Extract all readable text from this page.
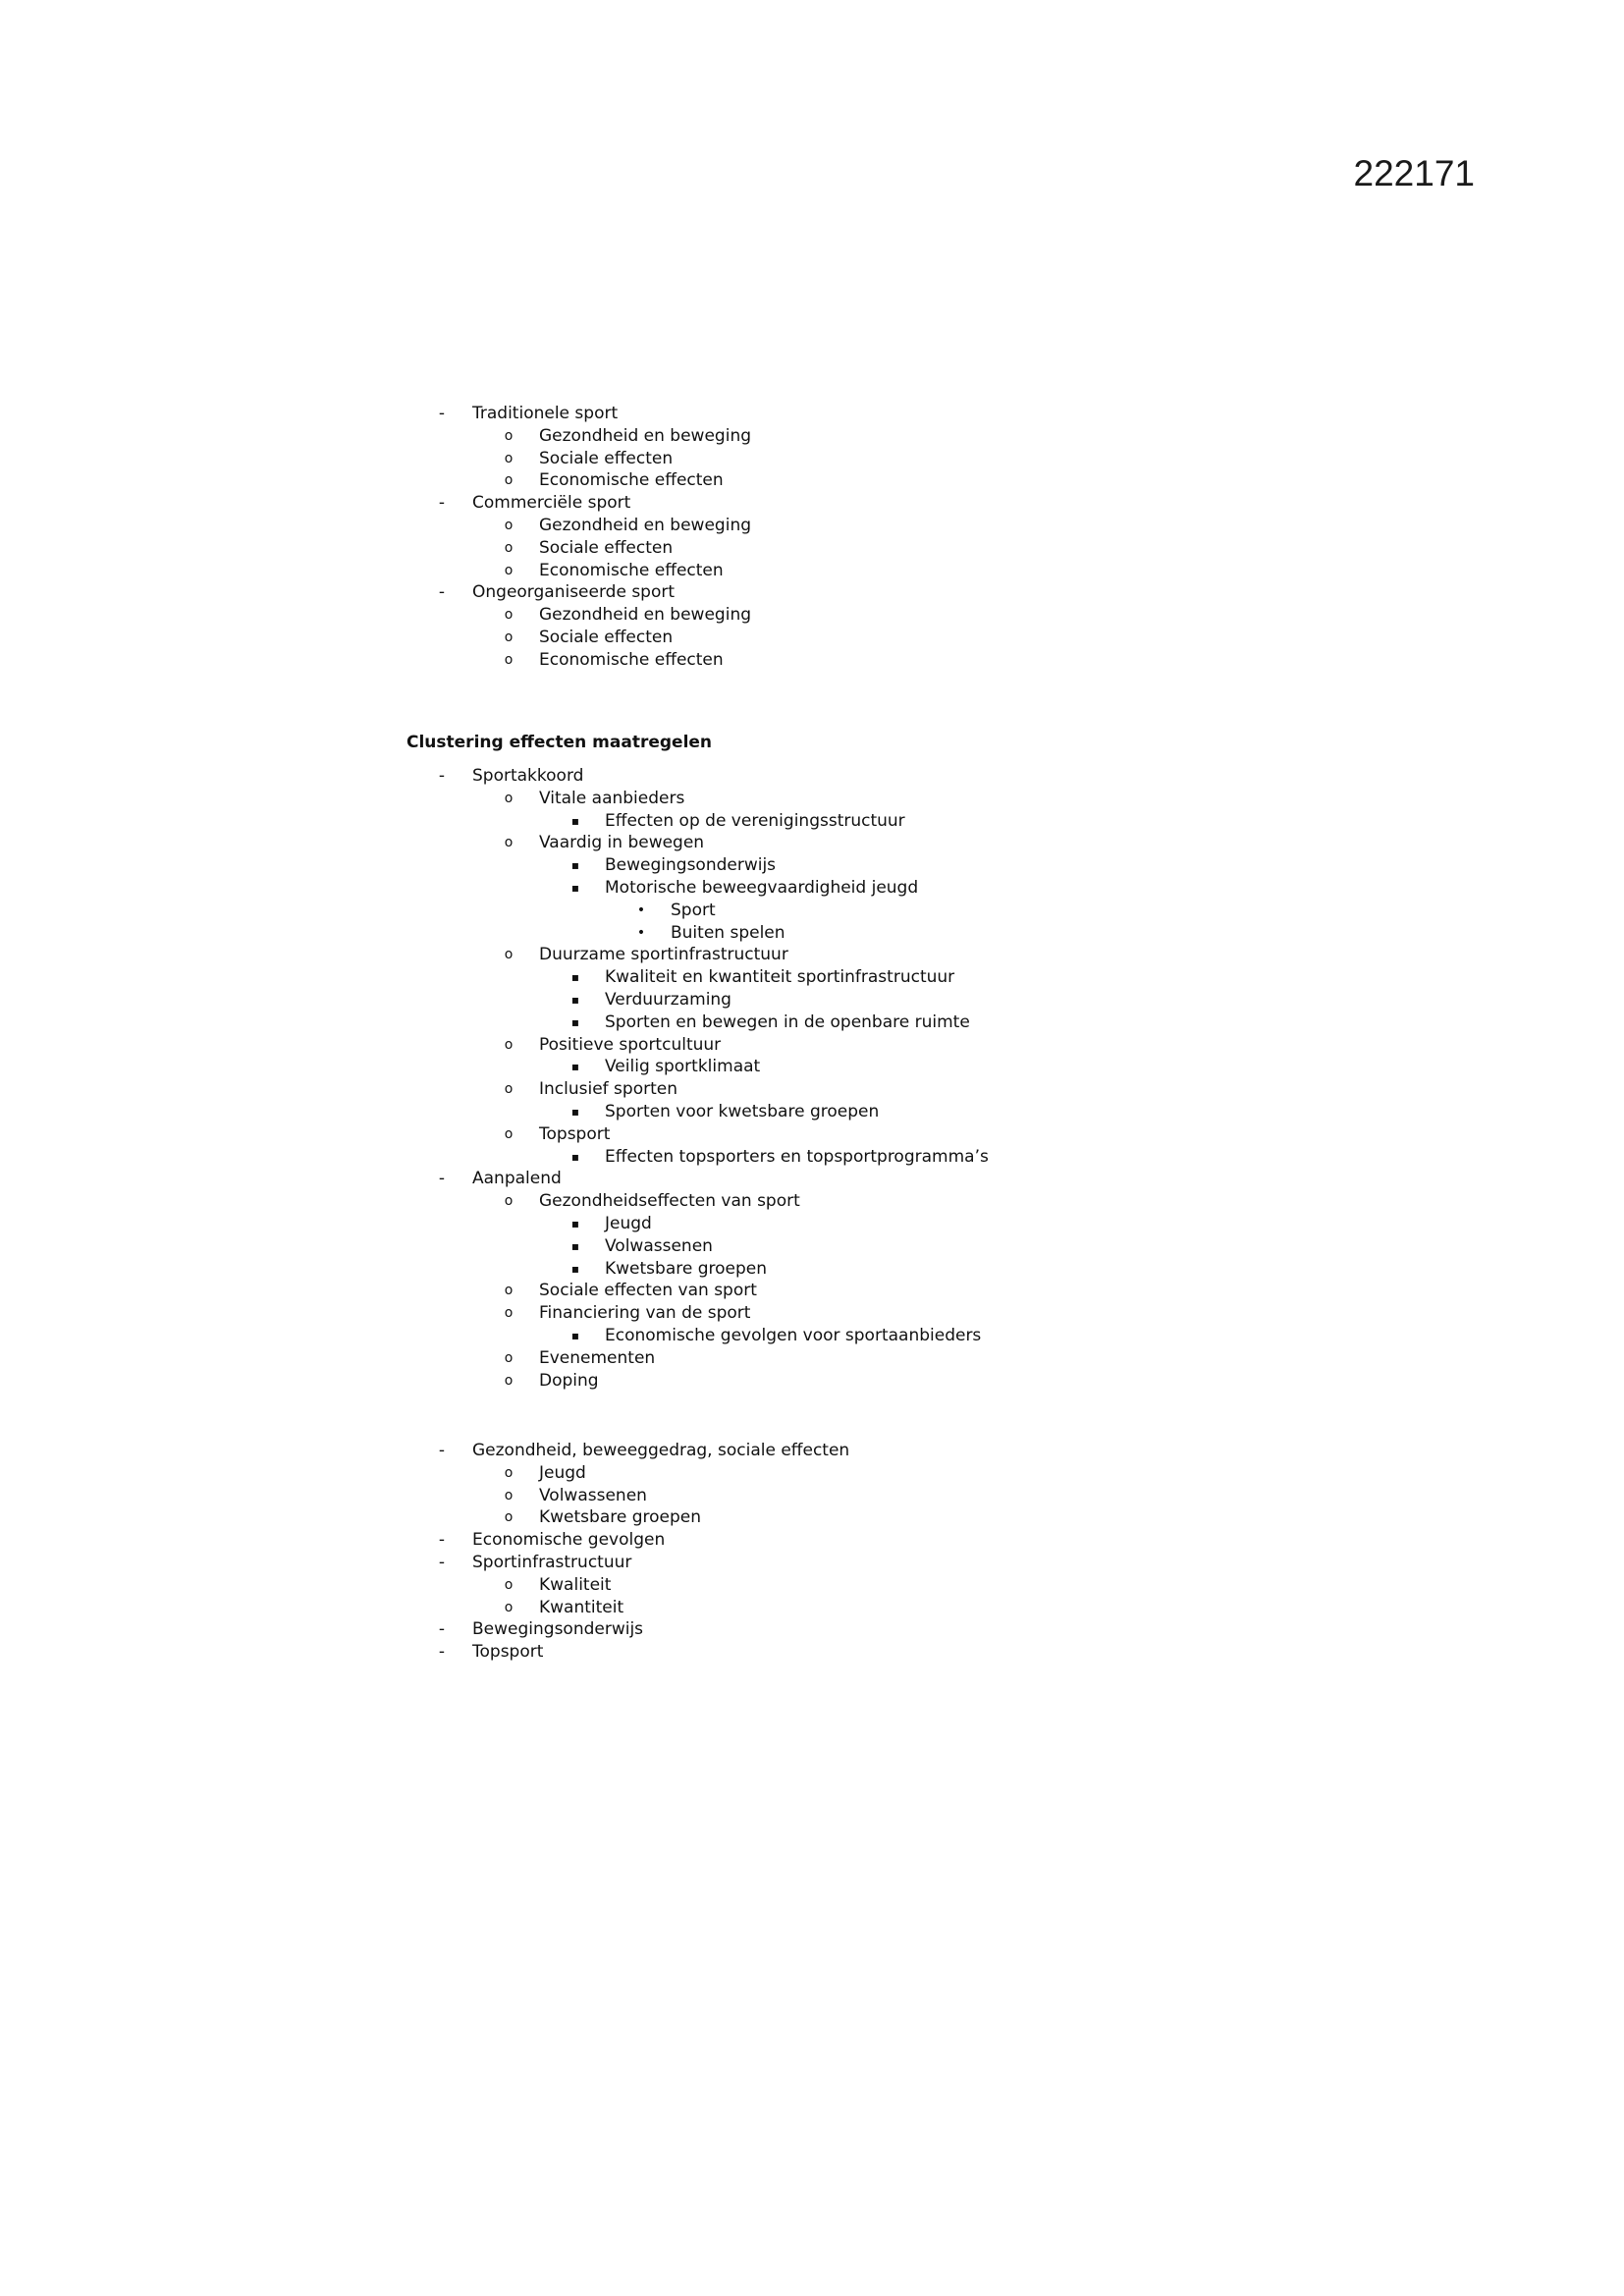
222171
-	Traditionele sport
o	Gezondheid en beweging
o	Sociale effecten
o	Economische effecten
-	Commerciële sport
o	Gezondheid en beweging
o	Sociale effecten
o	Economische effecten
-	Ongeorganiseerde sport
o	Gezondheid en beweging
o	Sociale effecten
o	Economische effecten
Clustering effecten maatregelen
-	Sportakkoord
o	Vitale aanbieders
▪	Effecten op de verenigingsstructuur
o	Vaardig in bewegen
▪	Bewegingsonderwijs
▪	Motorische beweegvaardigheid jeugd
•	Sport
•	Buiten spelen
o	Duurzame sportinfrastructuur
▪	Kwaliteit en kwantiteit sportinfrastructuur
▪	Verduurzaming
▪	Sporten en bewegen in de openbare ruimte
o	Positieve sportcultuur
▪	Veilig sportklimaat
o	Inclusief sporten
▪	Sporten voor kwetsbare groepen
o	Topsport
▪	Effecten topsporters en topsportprogramma’s
-	Aanpalend
o	Gezondheidseffecten van sport
▪	Jeugd
▪	Volwassenen
▪	Kwetsbare groepen
o	Sociale effecten van sport
o	Financiering van de sport
▪	Economische gevolgen voor sportaanbieders
o	Evenementen
o	Doping
-	Gezondheid, beweeggedrag, sociale effecten
o	Jeugd
o	Volwassenen
o	Kwetsbare groepen
-	Economische gevolgen
-	Sportinfrastructuur
o	Kwaliteit
o	Kwantiteit
-	Bewegingsonderwijs
-	Topsport
